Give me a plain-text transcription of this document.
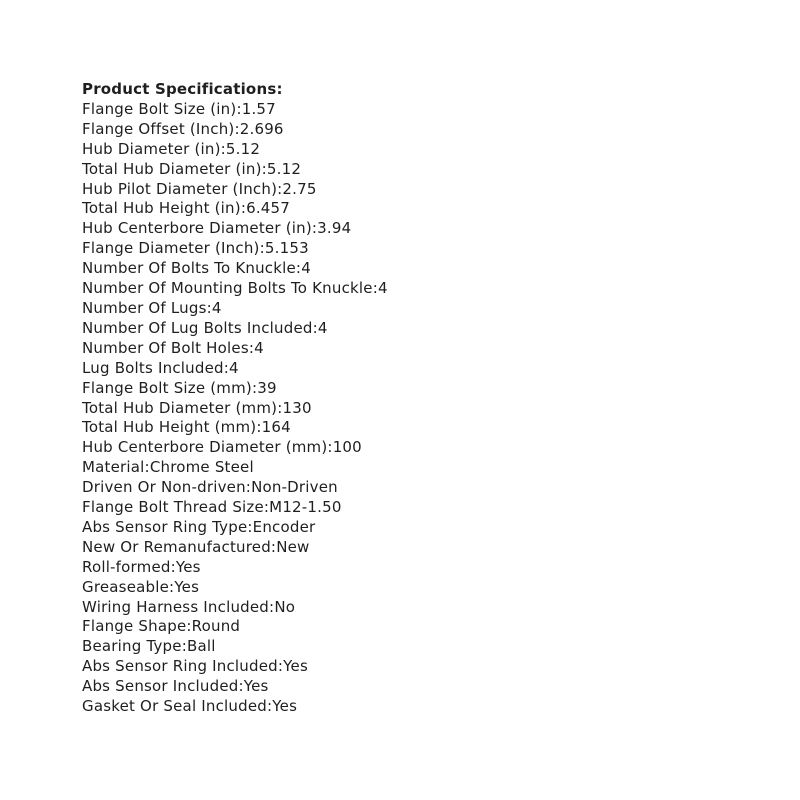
Product Specifications:
Flange Bolt Size (in):1.57
Flange Offset (Inch):2.696
Hub Diameter (in):5.12
Total Hub Diameter (in):5.12
Hub Pilot Diameter (Inch):2.75
Total Hub Height (in):6.457
Hub Centerbore Diameter (in):3.94
Flange Diameter (Inch):5.153
Number Of Bolts To Knuckle:4
Number Of Mounting Bolts To Knuckle:4
Number Of Lugs:4
Number Of Lug Bolts Included:4
Number Of Bolt Holes:4
Lug Bolts Included:4
Flange Bolt Size (mm):39
Total Hub Diameter (mm):130
Total Hub Height (mm):164
Hub Centerbore Diameter (mm):100
Material:Chrome Steel
Driven Or Non-driven:Non-Driven
Flange Bolt Thread Size:M12-1.50
Abs Sensor Ring Type:Encoder
New Or Remanufactured:New
Roll-formed:Yes
Greaseable:Yes
Wiring Harness Included:No
Flange Shape:Round
Bearing Type:Ball
Abs Sensor Ring Included:Yes
Abs Sensor Included:Yes
Gasket Or Seal Included:Yes
